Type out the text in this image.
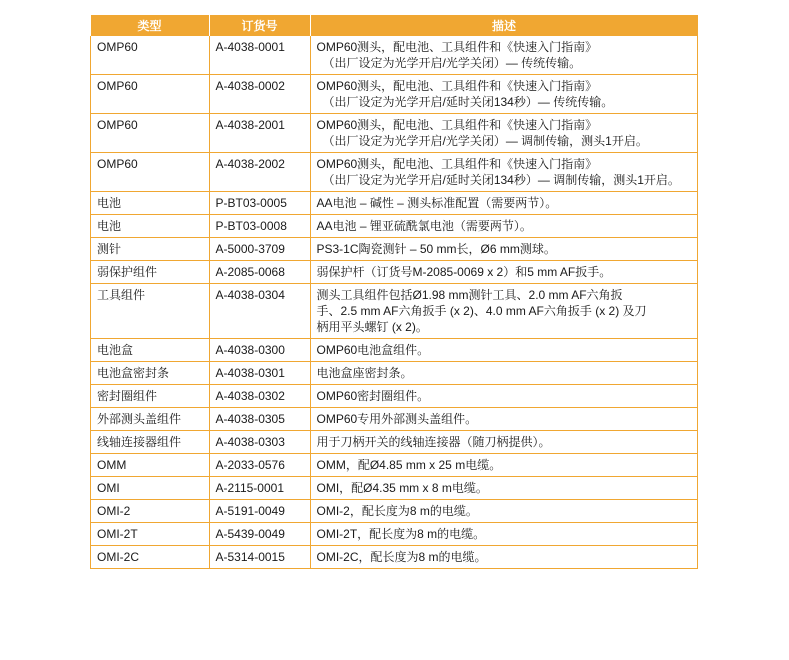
类型	订货号	描述
OMP60	A-4038-0001	OMP60测头，配电池、工具组件和《快速入门指南》
（出厂设定为光学开启/光学关闭）— 传统传输。

OMP60	A-4038-0002	OMP60测头，配电池、工具组件和《快速入门指南》
（出厂设定为光学开启/延时关闭134秒）— 传统传输。

OMP60	A-4038-2001	OMP60测头，配电池、工具组件和《快速入门指南》
（出厂设定为光学开启/光学关闭）— 调制传输，测头1开启。

OMP60	A-4038-2002	OMP60测头，配电池、工具组件和《快速入门指南》
（出厂设定为光学开启/延时关闭134秒）— 调制传输，测头1开启。

电池	P-BT03-0005	AA电池 – 碱性 – 测头标准配置（需要两节）。

电池	P-BT03-0008	AA电池 – 锂亚硫酰氯电池（需要两节）。

测针	A-5000-3709	PS3-1C陶瓷测针 – 50 mm长，Ø6 mm测球。

弱保护组件	A-2085-0068	弱保护杆（订货号M-2085-0069 x 2）和5 mm AF扳手。

工具组件	A-4038-0304	测头工具组件包括Ø1.98 mm测针工具、2.0 mm AF六角扳
手、2.5 mm AF六角扳手 (x 2)、4.0 mm AF六角扳手 (x 2) 及刀
柄用平头螺钉 (x 2)。

电池盒	A-4038-0300	OMP60电池盒组件。

电池盒密封条	A-4038-0301	电池盒座密封条。

密封圈组件	A-4038-0302	OMP60密封圈组件。

外部测头盖组件	A-4038-0305	OMP60专用外部测头盖组件。

线轴连接器组件	A-4038-0303	用于刀柄开关的线轴连接器（随刀柄提供）。

OMM	A-2033-0576	OMM，配Ø4.85 mm x 25 m电缆。

OMI	A-2115-0001	OMI，配Ø4.35 mm x 8 m电缆。

OMI-2	A-5191-0049	OMI-2，配长度为8 m的电缆。

OMI-2T	A-5439-0049	OMI-2T，配长度为8 m的电缆。

OMI-2C	A-5314-0015	OMI-2C，配长度为8 m的电缆。
